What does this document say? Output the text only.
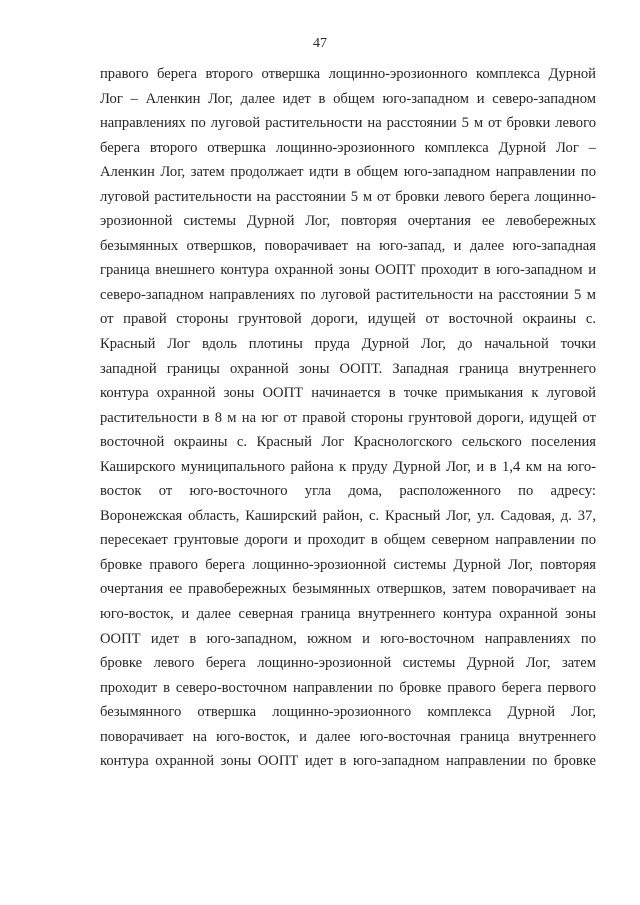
47
правого берега второго отвершка лощинно-эрозионного комплекса Дурной
Лог – Аленкин Лог, далее идет в общем юго-западном и северо-западном
направлениях по луговой растительности на расстоянии 5 м от бровки левого
берега второго отвершка лощинно-эрозионного комплекса Дурной Лог –
Аленкин Лог, затем продолжает идти в общем юго-западном направлении по
луговой растительности на расстоянии 5 м от бровки левого берега лощинно-
эрозионной системы Дурной Лог, повторяя очертания ее левобережных
безымянных отвершков, поворачивает на юго-запад, и далее юго-западная
граница внешнего контура охранной зоны ООПТ проходит в юго-западном и
северо-западном направлениях по луговой растительности на расстоянии 5 м
от правой стороны грунтовой дороги, идущей от восточной окраины с.
Красный Лог вдоль плотины пруда Дурной Лог, до начальной точки
западной границы охранной зоны ООПТ. Западная граница внутреннего
контура охранной зоны ООПТ начинается в точке примыкания к луговой
растительности в 8 м на юг от правой стороны грунтовой дороги, идущей от
восточной окраины с. Красный Лог Краснологского сельского поселения
Каширского муниципального района к пруду Дурной Лог, и в 1,4 км на юго-
восток от юго-восточного угла дома, расположенного по адресу:
Воронежская область, Каширский район, с. Красный Лог, ул. Садовая, д. 37,
пересекает грунтовые дороги и проходит в общем северном направлении по
бровке правого берега лощинно-эрозионной системы Дурной Лог, повторяя
очертания ее правобережных безымянных отвершков, затем поворачивает на
юго-восток, и далее северная граница внутреннего контура охранной зоны
ООПТ идет в юго-западном, южном и юго-восточном направлениях по
бровке левого берега лощинно-эрозионной системы Дурной Лог, затем
проходит в северо-восточном направлении по бровке правого берега первого
безымянного отвершка лощинно-эрозионного комплекса Дурной Лог,
поворачивает на юго-восток, и далее юго-восточная граница внутреннего
контура охранной зоны ООПТ идет в юго-западном направлении по бровке
